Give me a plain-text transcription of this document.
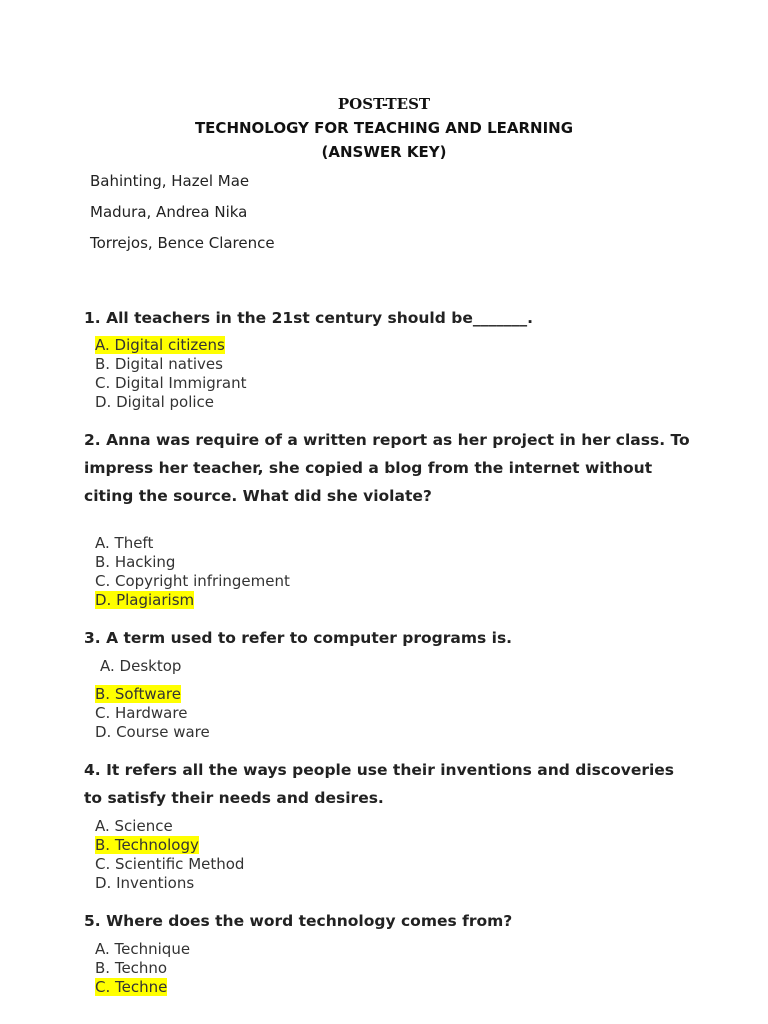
POST-TEST
TECHNOLOGY FOR TEACHING AND LEARNING
(ANSWER KEY)
Bahinting, Hazel Mae
Madura, Andrea Nika
Torrejos, Bence Clarence
1. All teachers in the 21st century should be_______.
A. Digital citizens
B. Digital natives
C. Digital Immigrant
D. Digital police
2. Anna was require of a written report as her project in her class. To impress her teacher, she copied a blog from the internet without citing the source. What did she violate?
A. Theft
B. Hacking
C. Copyright infringement
D. Plagiarism
3. A term used to refer to computer programs is.
A. Desktop
B. Software
C. Hardware
D. Course ware
4. It refers all the ways people use their inventions and discoveries to satisfy their needs and desires.
A. Science
B. Technology
C. Scientific Method
D. Inventions
5. Where does the word technology comes from?
A. Technique
B. Techno
C. Techne
